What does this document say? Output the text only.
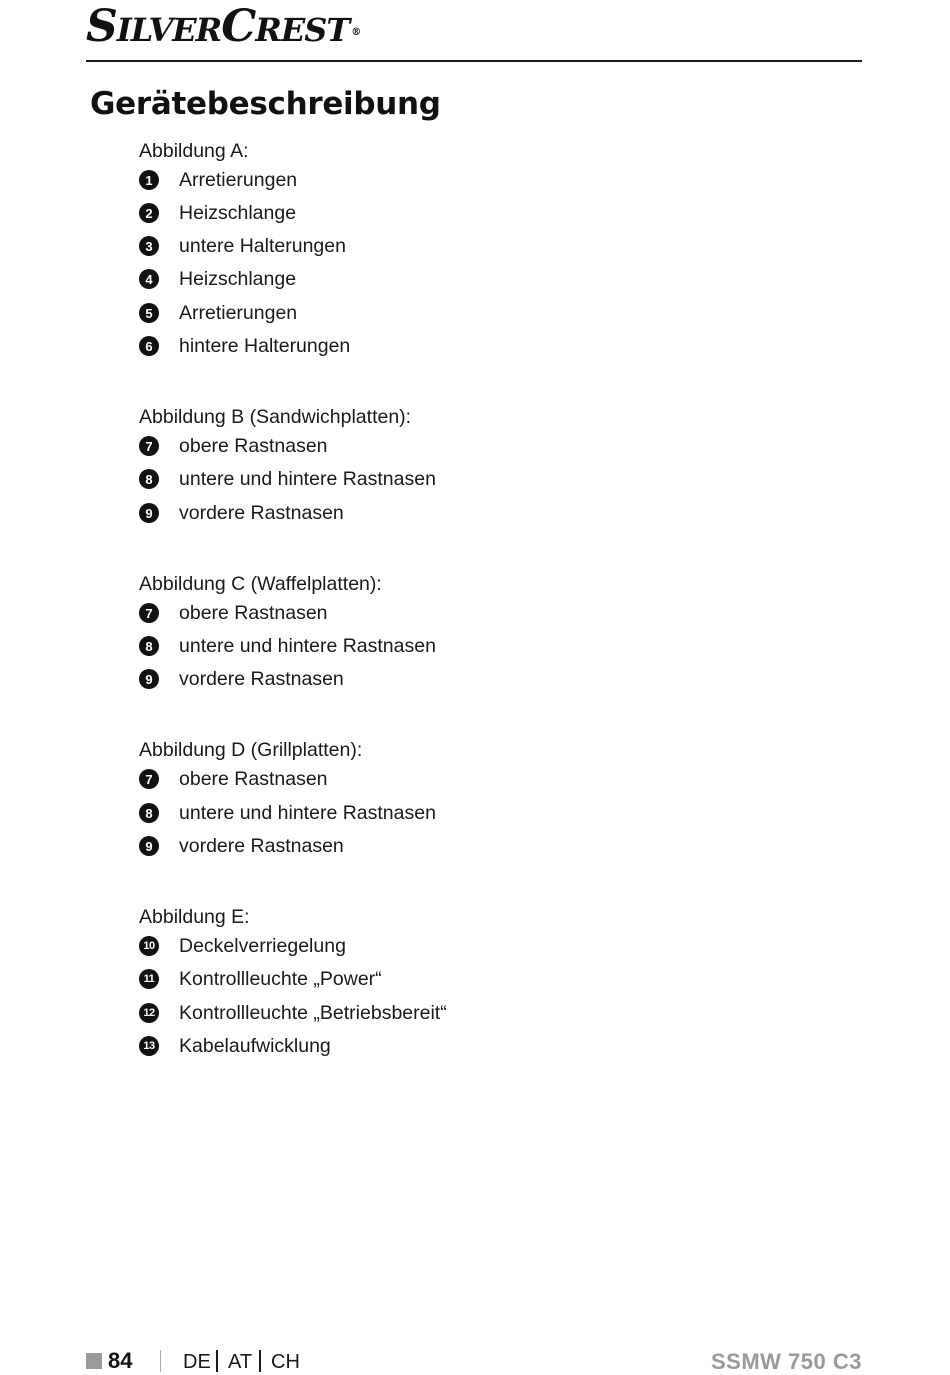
SILVERCREST ®
Gerätebeschreibung
Abbildung A:
1	Arretierungen
2	Heizschlange
3	untere Halterungen
4	Heizschlange
5	Arretierungen
6	hintere Halterungen
Abbildung B (Sandwichplatten):
7	obere Rastnasen
8	untere und hintere Rastnasen
9	vordere Rastnasen
Abbildung C (Waffelplatten):
7	obere Rastnasen
8	untere und hintere Rastnasen
9	vordere Rastnasen
Abbildung D (Grillplatten):
7	obere Rastnasen
8	untere und hintere Rastnasen
9	vordere Rastnasen
Abbildung E:
10 Deckelverriegelung
11 Kontrollleuchte „Power“
12 Kontrollleuchte „Betriebsbereit“
13 Kabelaufwicklung
84	DE AT CH	SSMW 750 C3
